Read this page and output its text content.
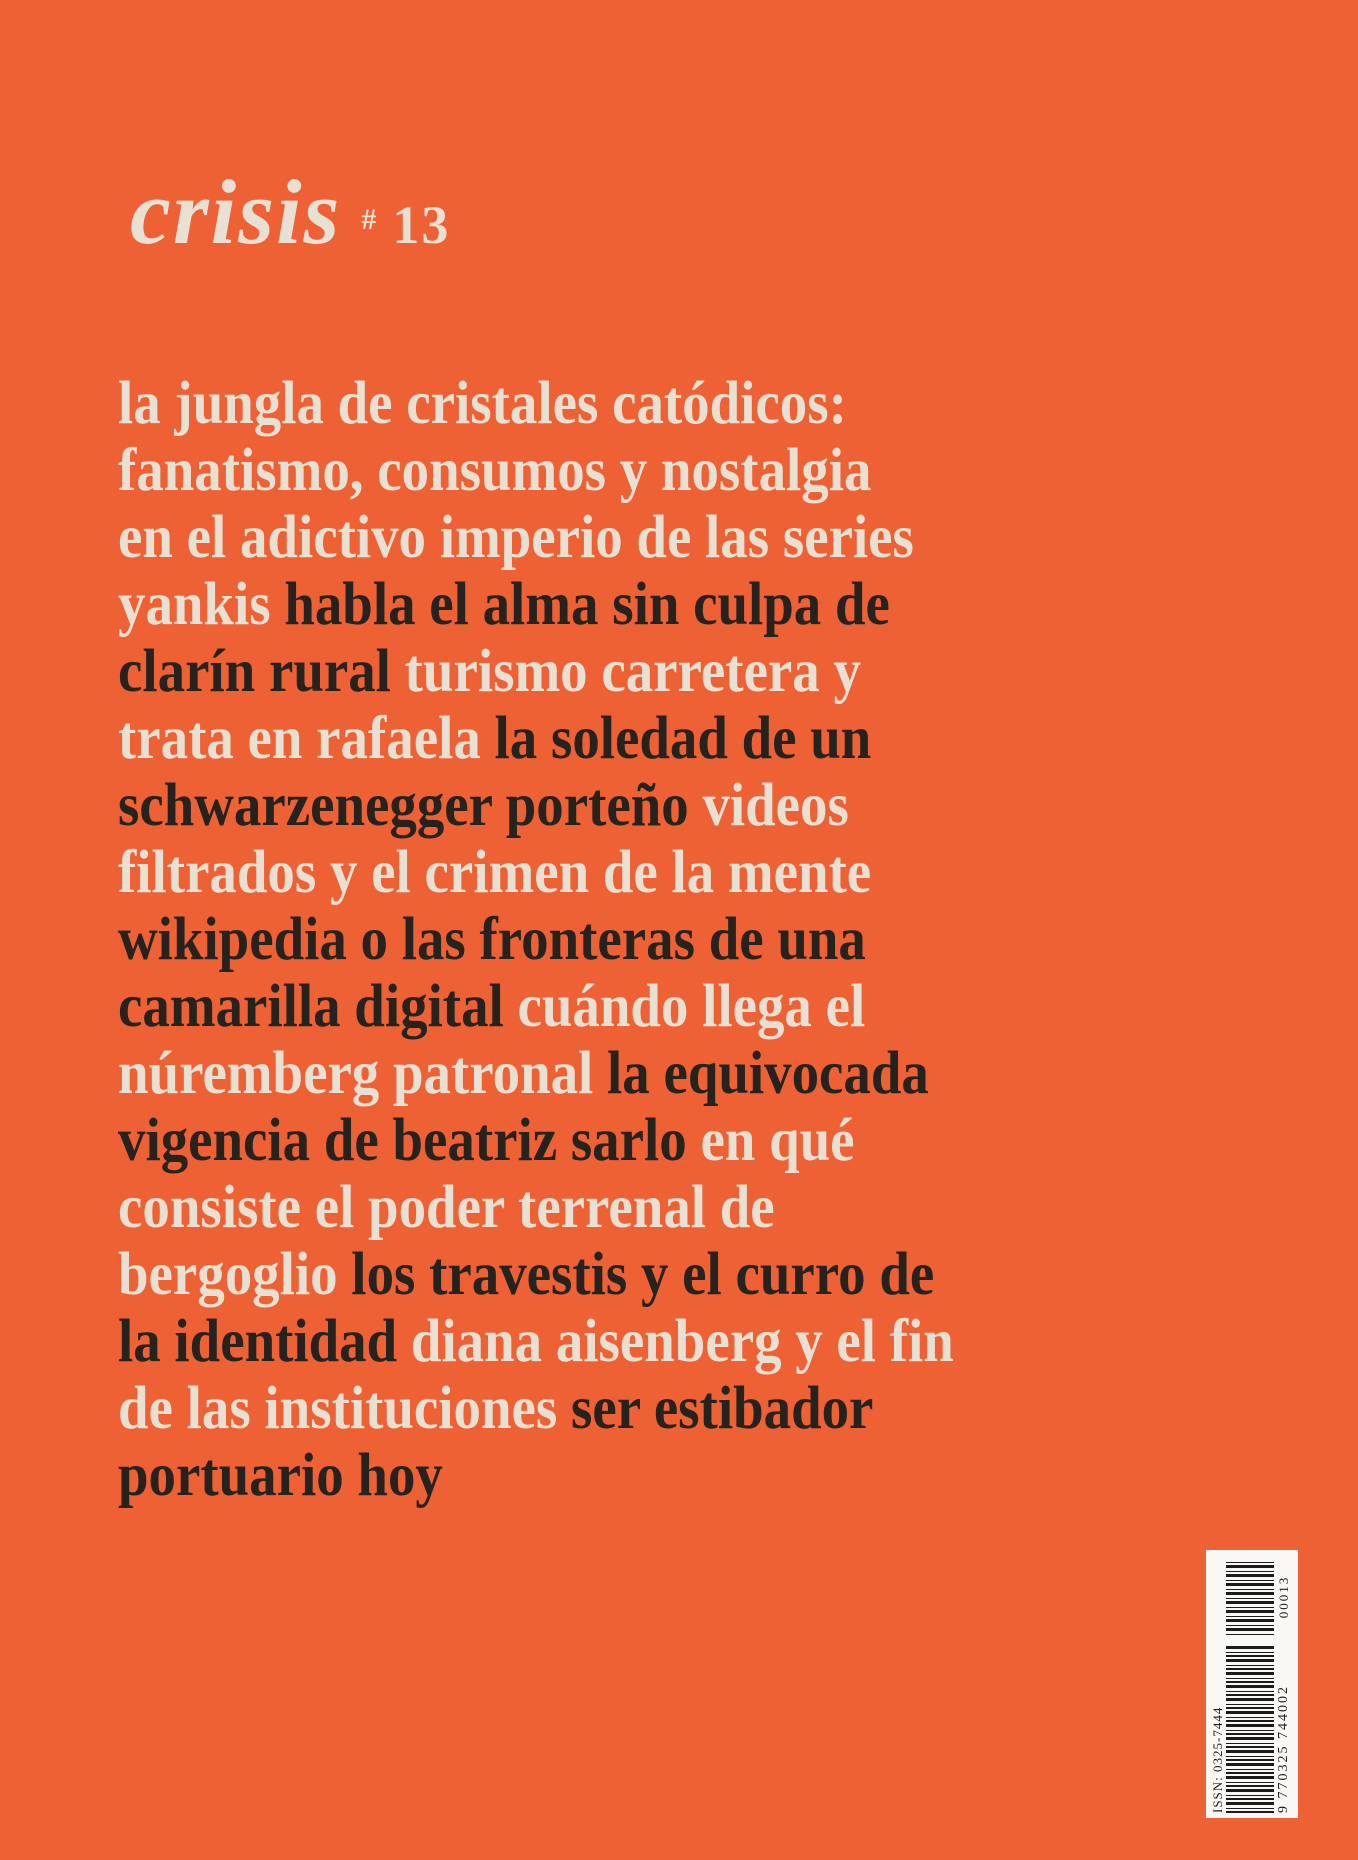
crisis # 13
la jungla de cristales catódicos:
fanatismo, consumos y nostalgia
en el adictivo imperio de las series
yankis habla el alma sin culpa de
clarín rural turismo carretera y
trata en rafaela la soledad de un
schwarzenegger porteño videos
filtrados y el crimen de la mente
wikipedia o las fronteras de una
camarilla digital cuándo llega el
núremberg patronal la equivocada
vigencia de beatriz sarlo en qué
consiste el poder terrenal de
bergoglio los travestis y el curro de
la identidad diana aisenberg y el fin
de las instituciones ser estibador
portuario hoy
ISSN: 0325-7444	9 770325 744002
00013
